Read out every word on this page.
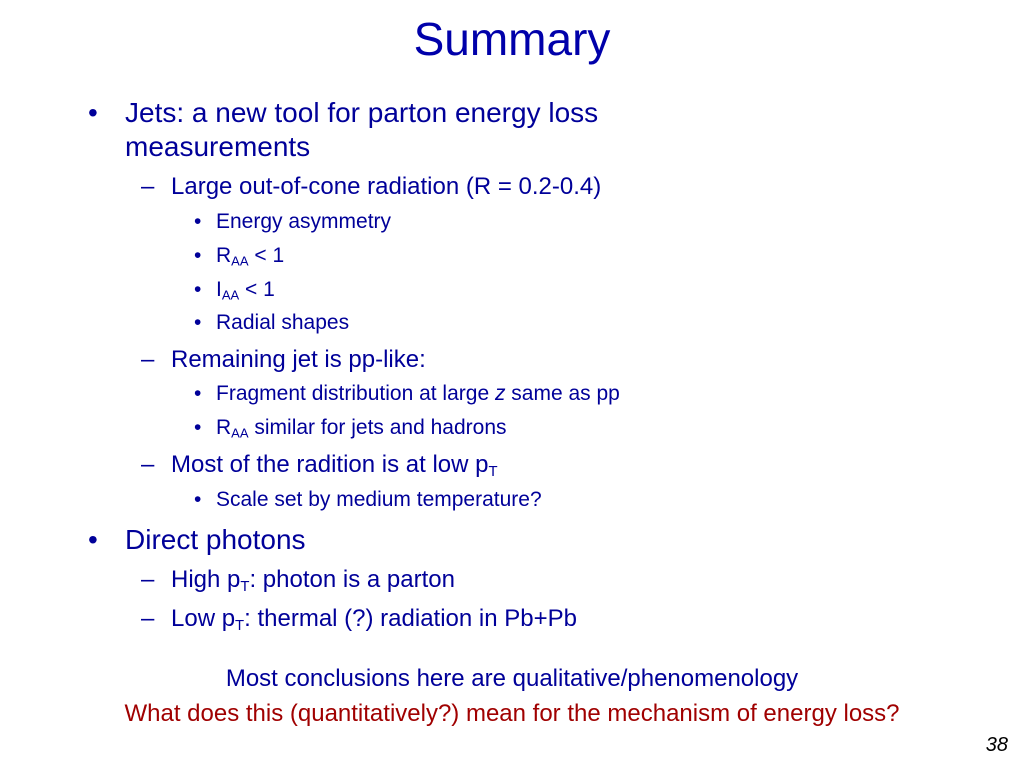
Summary
• Jets: a new tool for parton energy loss
measurements
– Large out-of-cone radiation (R = 0.2-0.4)
• Energy asymmetry
• $R_{AA} < 1$
• $I_{AA} < 1$
• Radial shapes
– Remaining jet is pp-like:
• Fragment distribution at large z same as pp
• $R_{AA}$ similar for jets and hadrons
– Most of the radition is at low $p_T$
• Scale set by medium temperature?
• Direct photons
– High $p_T$: photon is a parton
– Low $p_T$: thermal (?) radiation in Pb+Pb
Most conclusions here are qualitative/phenomenology
What does this (quantitatively?) mean for the mechanism of energy loss?
38
